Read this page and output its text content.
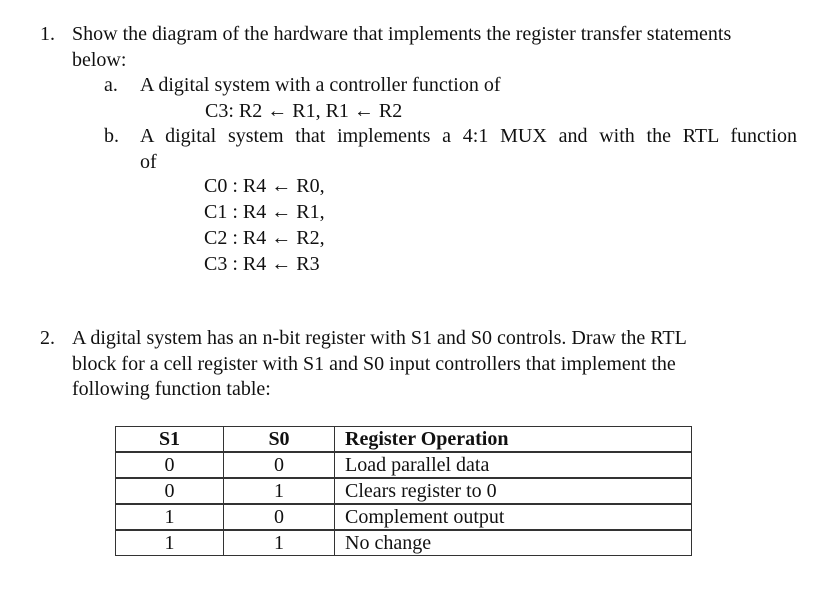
1. Show the diagram of the hardware that implements the register transfer statements
below:
a. A digital system with a controller function of
C3: R2 ← R1, R1 ← R2
b. A digital system that implements a 4:1 MUX and with the RTL function
of
C0 : R4 ← R0,
C1 : R4 ← R1,
C2 : R4 ← R2,
C3 : R4 ← R3
2. A digital system has an n-bit register with S1 and S0 controls. Draw the RTL
block for a cell register with S1 and S0 input controllers that implement the
following function table:
S1	S0	Register Operation
0	0	Load parallel data
0	1	Clears register to 0
1	0	Complement output
1	1	No change
